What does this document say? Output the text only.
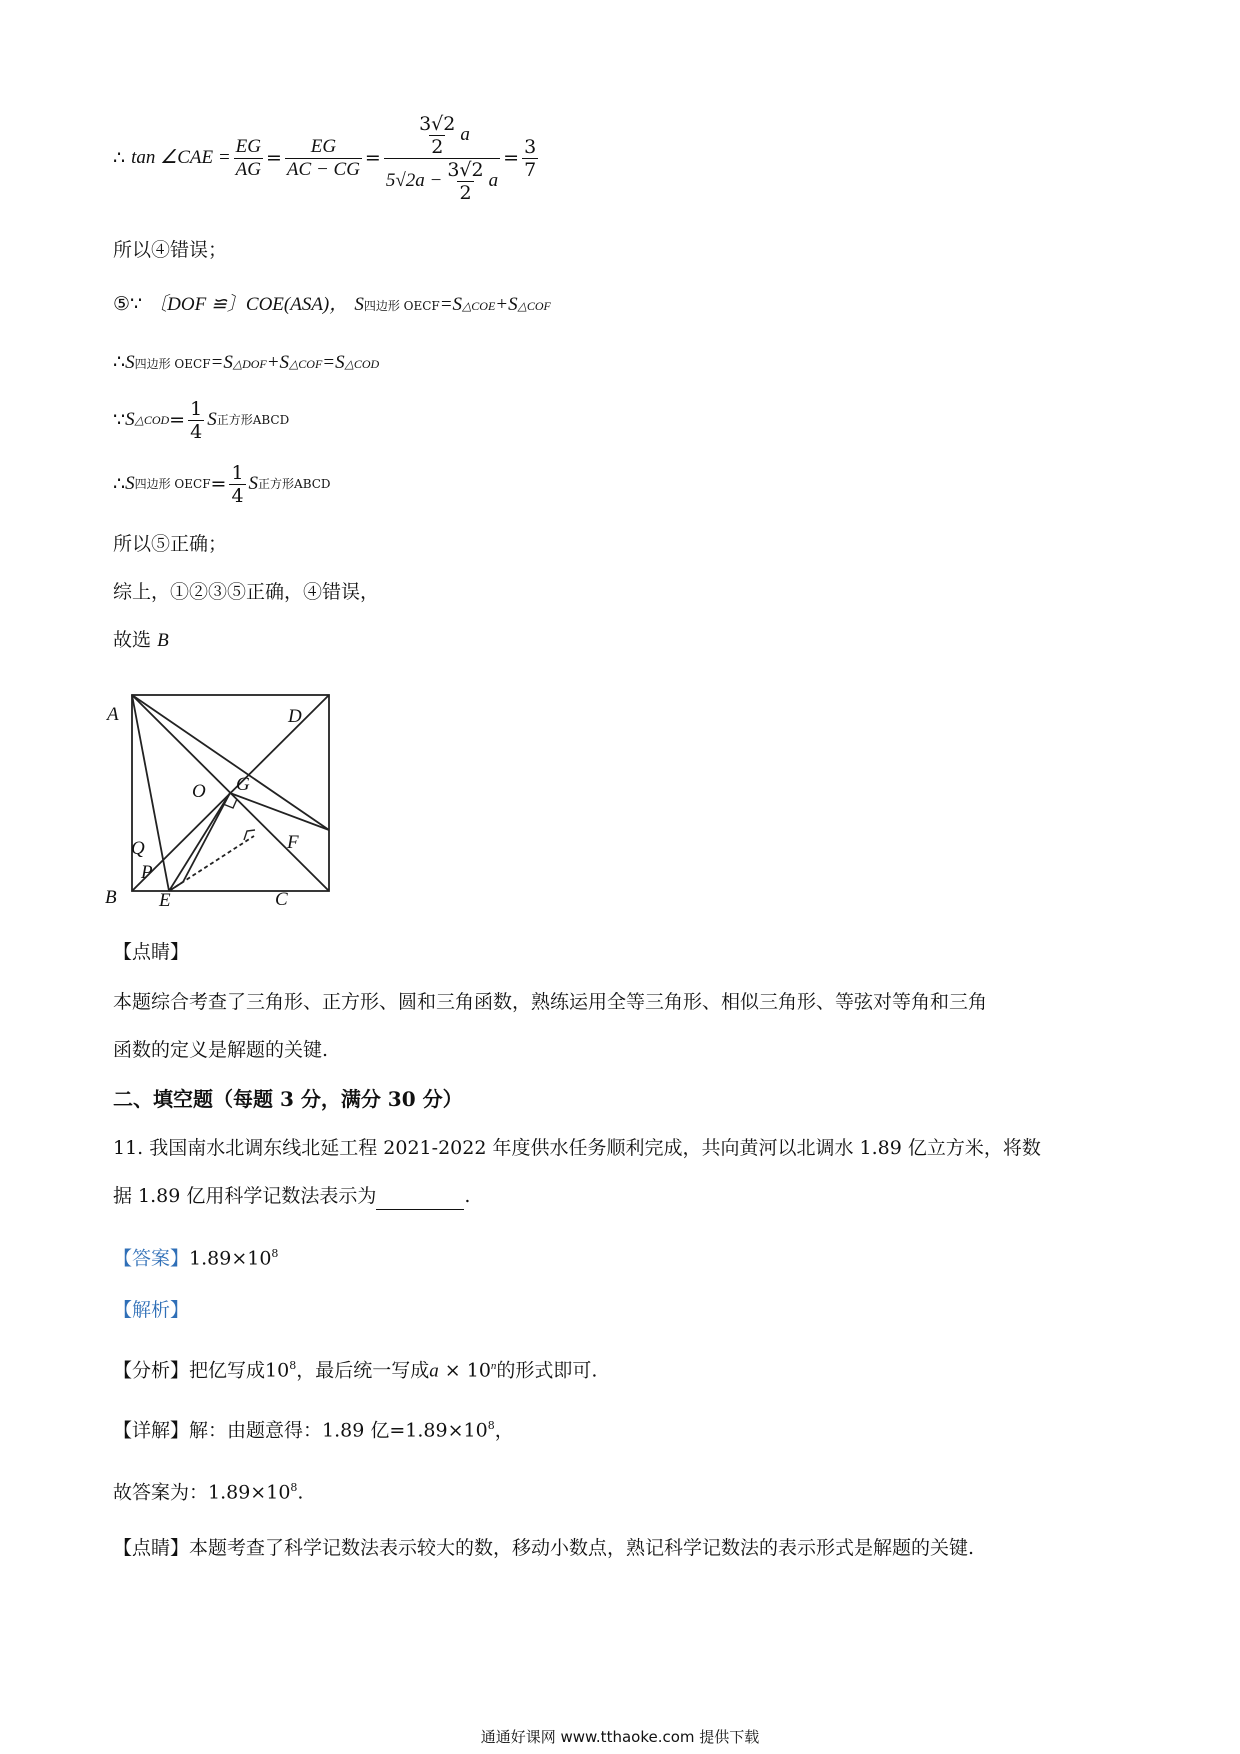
∴
tan ∠CAE = $\frac{EG}{AG} = \frac{EG}{AC - CG} = \frac{\frac{3√2}{2} a}{5√2a - \frac{3√2}{2} a} = \frac{3}{7}$
所以④错误；
⑤∵ 〔DOF ≌〕COE(ASA)， S四边形 OECF=S△COE+S△COF
∴S四边形 OECF=S△DOF+S△COF=S△COD
∵ S △COD = $\frac{1}{4}$ S 正方形ABCD
∴ S 四边形 OECF = $\frac{1}{4}$ S 正方形ABCD
所以⑤正确；
综上，①②③⑤正确，④错误，
故选 B
A	D
O
Q
G
F
P
B E	C
【点睛】
本题综合考查了三角形、正方形、圆和三角函数，熟练运用全等三角形、相似三角形、等弦对等角和三角
函数的定义是解题的关键.
二、填空题（每题 3 分，满分 30 分）
11. 我国南水北调东线北延工程 2021-2022 年度供水任务顺利完成，共向黄河以北调水 1.89 亿立方米，将数
据 1.89 亿用科学记数法表示为	.
【答案】$1.89\times 10^8$
【解析】
【分析】把亿写成$10^8$，最后统一写成$a \times 10^n$的形式即可.
【详解】解：由题意得：1.89 亿$=1.89\times 10^8$，
故答案为：$1.89\times 10^8$.
【点睛】本题考查了科学记数法表示较大的数，移动小数点，熟记科学记数法的表示形式是解题的关键.
通通好课网 www.tthaoke.com 提供下载
